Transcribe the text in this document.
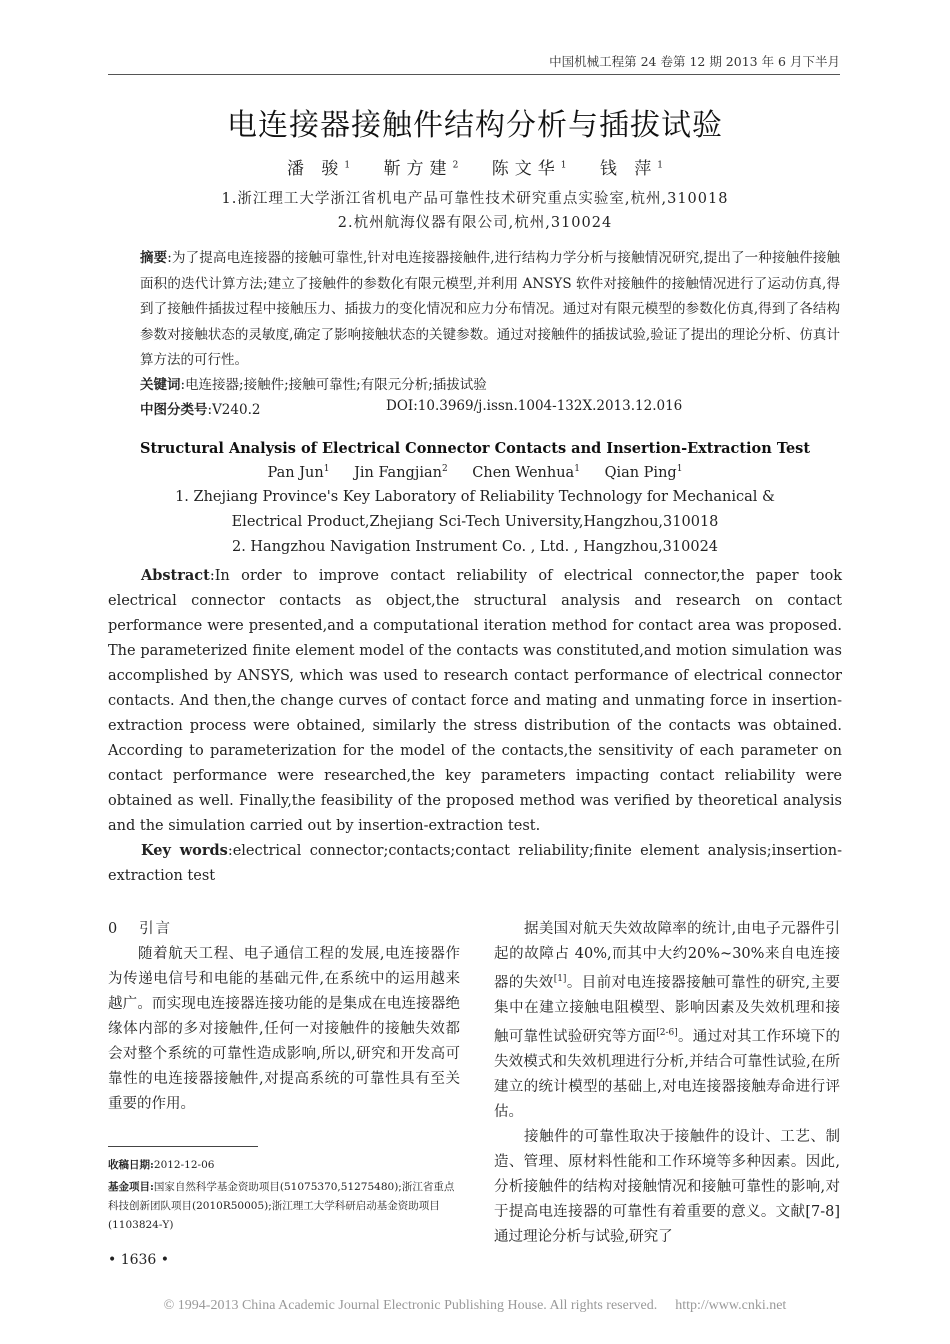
中国机械工程第 24 卷第 12 期 2013 年 6 月下半月
电连接器接触件结构分析与插拔试验
潘 骏$^1$ 靳方建$^2$ 陈文华$^1$ 钱 萍$^1$
1.浙江理工大学浙江省机电产品可靠性技术研究重点实验室,杭州,310018
2.杭州航海仪器有限公司,杭州,310024
摘要:为了提高电连接器的接触可靠性,针对电连接器接触件,进行结构力学分析与接触情况研究,提出了一种接触件接触面积的迭代计算方法;建立了接触件的参数化有限元模型,并利用 ANSYS 软件对接触件的接触情况进行了运动仿真,得到了接触件插拔过程中接触压力、插拔力的变化情况和应力分布情况。通过对有限元模型的参数化仿真,得到了各结构参数对接触状态的灵敏度,确定了影响接触状态的关键参数。通过对接触件的插拔试验,验证了提出的理论分析、仿真计算方法的可行性。
关键词:电连接器;接触件;接触可靠性;有限元分析;插拔试验
中图分类号:V240.2	DOI:10.3969/j.issn.1004-132X.2013.12.016
Structural Analysis of Electrical Connector Contacts and Insertion-Extraction Test
Pan Jun$^1$ Jin Fangjian$^2$ Chen Wenhua$^1$ Qian Ping$^1$
1. Zhejiang Province's Key Laboratory of Reliability Technology for Mechanical &
Electrical Product,Zhejiang Sci-Tech University,Hangzhou,310018
2. Hangzhou Navigation Instrument Co. , Ltd. , Hangzhou,310024
Abstract:In order to improve contact reliability of electrical connector,the paper took electrical connector contacts as object,the structural analysis and research on contact performance were presented,and a computational iteration method for contact area was proposed. The parameterized finite element model of the contacts was constituted,and motion simulation was accomplished by ANSYS, which was used to research contact performance of electrical connector contacts. And then,the change curves of contact force and mating and unmating force in insertion-extraction process were obtained, similarly the stress distribution of the contacts was obtained. According to parameterization for the model of the contacts,the sensitivity of each parameter on contact performance were researched,the key parameters impacting contact reliability were obtained as well. Finally,the feasibility of the proposed method was verified by theoretical analysis and the simulation carried out by insertion-extraction test.
Key words:electrical connector;contacts;contact reliability;finite element analysis;insertion-extraction test
0 引言
随着航天工程、电子通信工程的发展,电连接器作为传递电信号和电能的基础元件,在系统中的运用越来越广。而实现电连接器连接功能的是集成在电连接器绝缘体内部的多对接触件,任何一对接触件的接触失效都会对整个系统的可靠性造成影响,所以,研究和开发高可靠性的电连接器接触件,对提高系统的可靠性具有至关重要的作用。
据美国对航天失效故障率的统计,由电子元器件引起的故障占 40%,而其中大约20%~30%来自电连接器的失效[1]。目前对电连接器接触可靠性的研究,主要集中在建立接触电阻模型、影响因素及失效机理和接触可靠性试验研究等方面[2-6]。通过对其工作环境下的失效模式和失效机理进行分析,并结合可靠性试验,在所建立的统计模型的基础上,对电连接器接触寿命进行评估。
接触件的可靠性取决于接触件的设计、工艺、制造、管理、原材料性能和工作环境等多种因素。因此,分析接触件的结构对接触情况和接触可靠性的影响,对于提高电连接器的可靠性有着重要的意义。文献[7-8]通过理论分析与试验,研究了
收稿日期:2012-12-06
基金项目:国家自然科学基金资助项目(51075370,51275480);浙江省重点科技创新团队项目(2010R50005);浙江理工大学科研启动基金资助项目(1103824-Y)
• 1636 •
© 1994-2013 China Academic Journal Electronic Publishing House. All rights reserved. http://www.cnki.net
